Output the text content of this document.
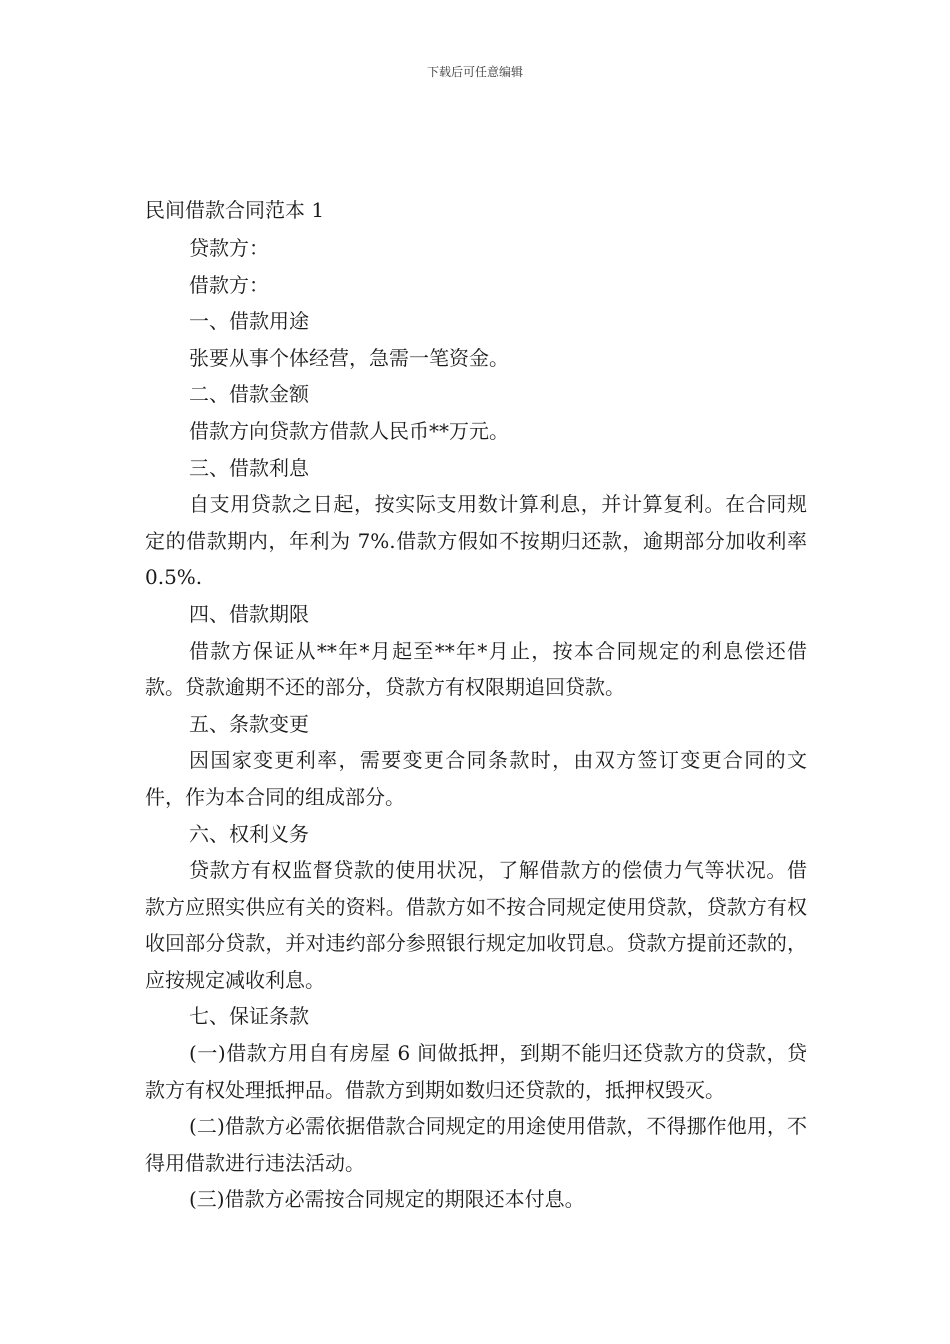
下载后可任意编辑
民间借款合同范本 1

贷款方：

借款方：

一、借款用途

张要从事个体经营，急需一笔资金。

二、借款金额

借款方向贷款方借款人民币**万元。

三、借款利息

自支用贷款之日起，按实际支用数计算利息，并计算复利。在合同规定的借款期内，年利为 7%.借款方假如不按期归还款，逾期部分加收利率 0.5%.

四、借款期限

借款方保证从**年*月起至**年*月止，按本合同规定的利息偿还借款。贷款逾期不还的部分，贷款方有权限期追回贷款。

五、条款变更

因国家变更利率，需要变更合同条款时，由双方签订变更合同的文件，作为本合同的组成部分。

六、权利义务

贷款方有权监督贷款的使用状况，了解借款方的偿债力气等状况。借款方应照实供应有关的资料。借款方如不按合同规定使用贷款，贷款方有权收回部分贷款，并对违约部分参照银行规定加收罚息。贷款方提前还款的，应按规定减收利息。

七、保证条款

(一)借款方用自有房屋 6 间做抵押，到期不能归还贷款方的贷款，贷款方有权处理抵押品。借款方到期如数归还贷款的，抵押权毁灭。

(二)借款方必需依据借款合同规定的用途使用借款，不得挪作他用，不得用借款进行违法活动。

(三)借款方必需按合同规定的期限还本付息。
